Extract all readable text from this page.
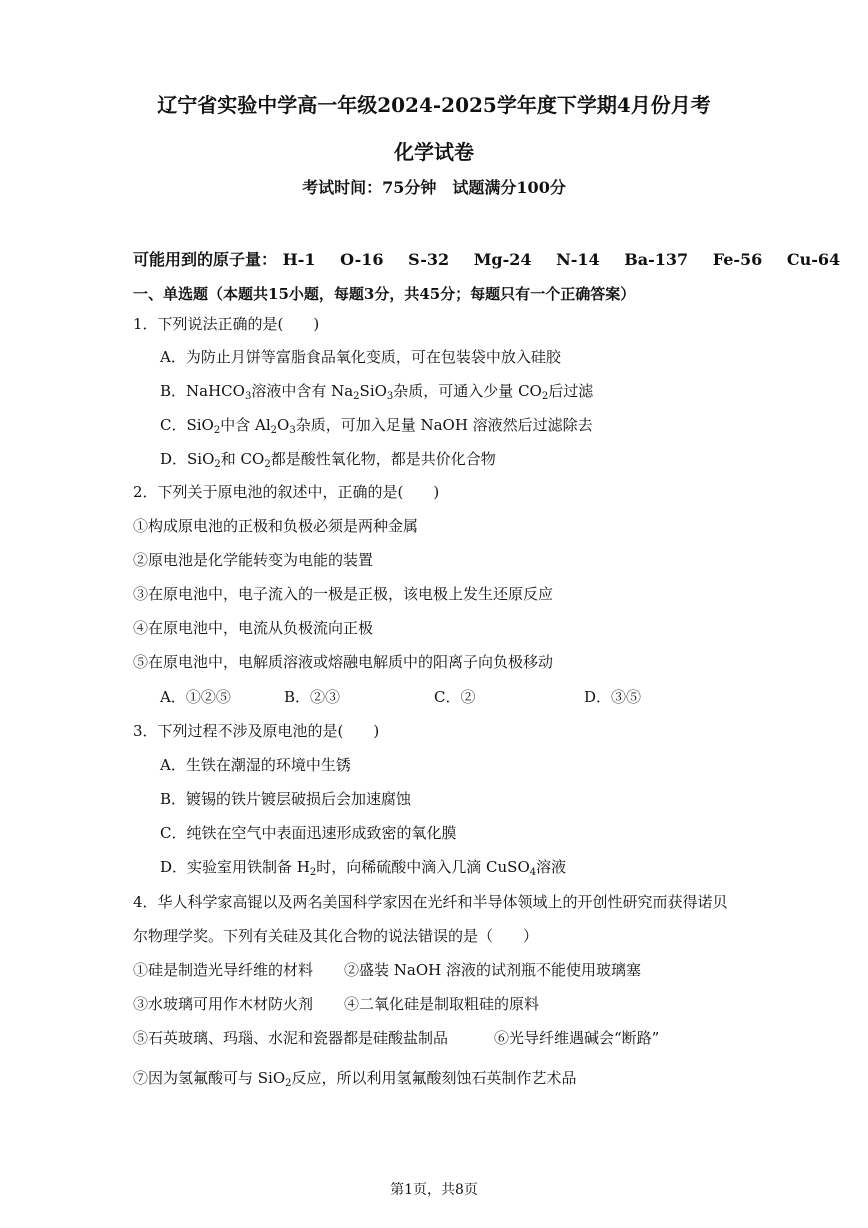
辽宁省实验中学高一年级2024-2025学年度下学期4月份月考
化学试卷
考试时间：75分钟　试题满分100分
可能用到的原子量： H-1 O-16 S-32 Mg-24 N-14 Ba-137 Fe-56 Cu-64
一、单选题（本题共15小题，每题3分，共45分；每题只有一个正确答案）
1．下列说法正确的是(　　)
A．为防止月饼等富脂食品氧化变质，可在包装袋中放入硅胶
B．NaHCO$_3$溶液中含有 $Na_2SiO_3$杂质，可通入少量 $CO_2$后过滤
C．SiO$_2$中含 $Al_2O_3$杂质，可加入足量 NaOH 溶液然后过滤除去
D．SiO$_2$和 $CO_2$都是酸性氧化物，都是共价化合物
2．下列关于原电池的叙述中，正确的是(　　)
①构成原电池的正极和负极必须是两种金属
②原电池是化学能转变为电能的装置
③在原电池中，电子流入的一极是正极，该电极上发生还原反应
④在原电池中，电流从负极流向正极
⑤在原电池中，电解质溶液或熔融电解质中的阳离子向负极移动
A．①②⑤	B．②③	C．②	D．③⑤
3．下列过程不涉及原电池的是(　　)
A．生铁在潮湿的环境中生锈
B．镀锡的铁片镀层破损后会加速腐蚀
C．纯铁在空气中表面迅速形成致密的氧化膜
D．实验室用铁制备 $H_2$时，向稀硫酸中滴入几滴 CuSO$_4$溶液
4．华人科学家高锟以及两名美国科学家因在光纤和半导体领域上的开创性研究而获得诺贝
尔物理学奖。下列有关硅及其化合物的说法错误的是（　　）
①硅是制造光导纤维的材料 ②盛装 NaOH 溶液的试剂瓶不能使用玻璃塞
③水玻璃可用作木材防火剂 ④二氧化硅是制取粗硅的原料
⑤石英玻璃、玛瑙、水泥和瓷器都是硅酸盐制品	⑥光导纤维遇碱会“断路”
⑦因为氢氟酸可与 SiO$_2$反应，所以利用氢氟酸刻蚀石英制作艺术品
第1页，共8页
